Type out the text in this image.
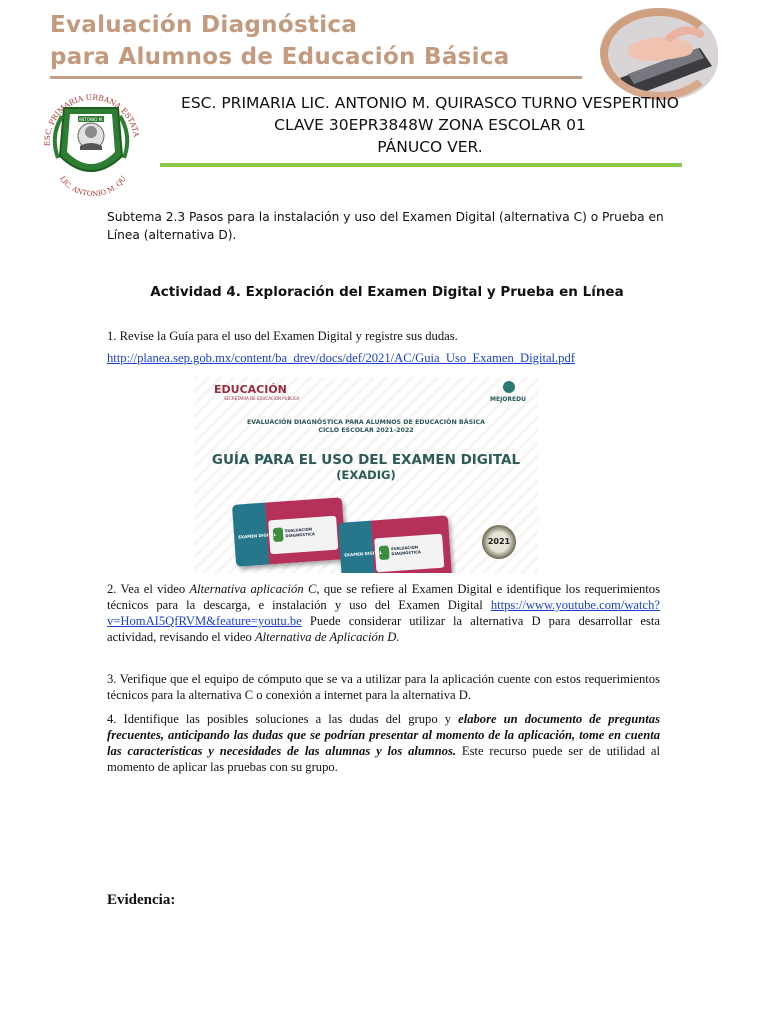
Evaluación Diagnóstica
para Alumnos de Educación Básica
ANTONIO M.
ESC. PRIMARIA URBANA ESTATA
LIC. ANTONIO M. QU
ESC. PRIMARIA LIC. ANTONIO M. QUIRASCO TURNO VESPERTINO
CLAVE 30EPR3848W ZONA ESCOLAR 01
PÁNUCO VER.
Subtema 2.3 Pasos para la instalación y uso del Examen Digital (alternativa C) o Prueba en Línea (alternativa D).
Actividad 4. Exploración del Examen Digital y Prueba en Línea
1. Revise la Guía para el uso del Examen Digital y registre sus dudas.
http://planea.sep.gob.mx/content/ba_drev/docs/def/2021/AC/Guia_Uso_Examen_Digital.pdf
EDUCACIÓN
SECRETARÍA DE EDUCACIÓN PÚBLICA	MEJOREDU
EVALUACIÓN DIAGNÓSTICA PARA ALUMNOS DE EDUCACIÓN BÁSICA
CICLO ESCOLAR 2021-2022
GUÍA PARA EL USO DEL EXAMEN DIGITAL
(EXADIG)
EVALUACIÓN DIAGNÓSTICA
EXAMEN DIGITAL
EVALUACIÓN DIAGNÓSTICA
EXAMEN DIGITAL
2021
2. Vea el video Alternativa aplicación C, que se refiere al Examen Digital e identifique los requerimientos técnicos para la descarga, e instalación y uso del Examen Digital https://www.youtube.com/watch?v=HomAI5QfRVM&feature=youtu.be Puede considerar utilizar la alternativa D para desarrollar esta actividad, revisando el video Alternativa de Aplicación D.
3. Verifique que el equipo de cómputo que se va a utilizar para la aplicación cuente con estos requerimientos técnicos para la alternativa C o conexión a internet para la alternativa D.
4. Identifique las posibles soluciones a las dudas del grupo y elabore un documento de preguntas frecuentes, anticipando las dudas que se podrían presentar al momento de la aplicación, tome en cuenta las características y necesidades de las alumnas y los alumnos. Este recurso puede ser de utilidad al momento de aplicar las pruebas con su grupo.
Evidencia:
